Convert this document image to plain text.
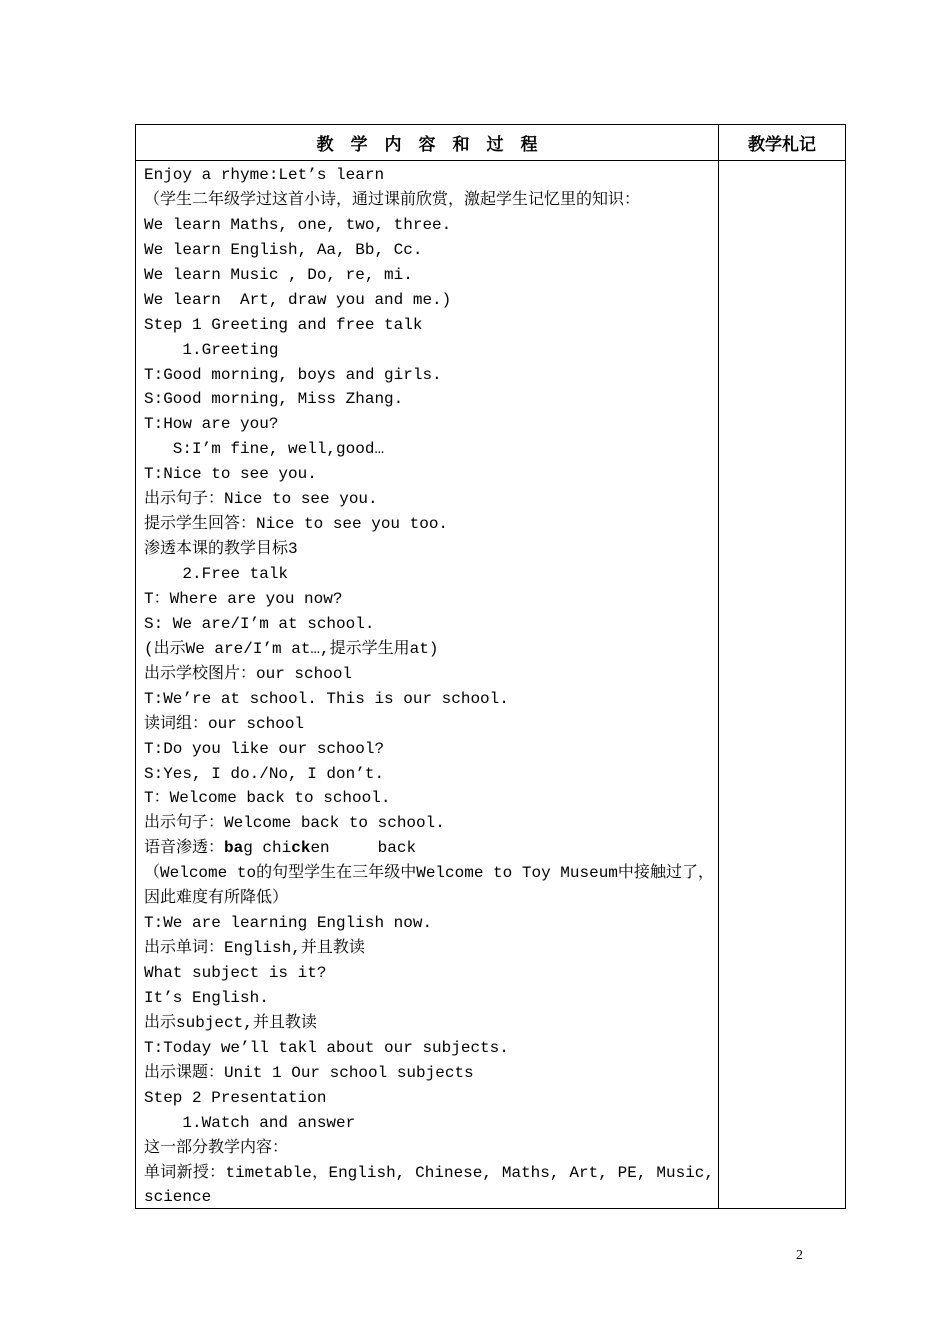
教学内容和过程	教学札记
Enjoy a rhyme:Let’s learn
（学生二年级学过这首小诗，通过课前欣赏，激起学生记忆里的知识：
We learn Maths, one, two, three.
We learn English, Aa, Bb, Cc.
We learn Music , Do, re, mi.
We learn  Art, draw you and me.)
Step 1 Greeting and free talk
1.Greeting
T:Good morning, boys and girls.
S:Good morning, Miss Zhang.
T:How are you?
S:I’m fine, well,good…
T:Nice to see you.
出示句子：Nice to see you.
提示学生回答：Nice to see you too.
渗透本课的教学目标3
2.Free talk
T：Where are you now?
S: We are/I’m at school.
(出示We are/I’m at…,提示学生用at)
出示学校图片：our school
T:We’re at school. This is our school.
读词组：our school
T:Do you like our school?
S:Yes, I do./No, I don’t.
T：Welcome back to school.
出示句子：Welcome back to school.
语音渗透：bag chicken     back
（Welcome to的句型学生在三年级中Welcome to Toy Museum中接触过了，因此难度有所降低）
T:We are learning English now.
出示单词：English,并且教读
What subject is it?
It’s English.
出示subject,并且教读
T:Today we’ll takl about our subjects.
出示课题：Unit 1 Our school subjects
Step 2 Presentation
1.Watch and answer
这一部分教学内容：
单词新授：timetable，English, Chinese, Maths, Art, PE, Music, science
2
